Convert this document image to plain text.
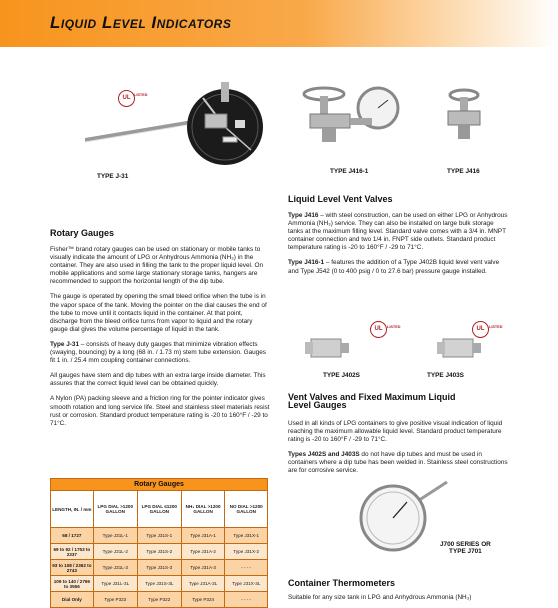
Liquid Level Indicators
UL LISTED
TYPE J-31
TYPE J416-1	TYPE J416
Liquid Level Vent Valves

Type J416 – with steel construction, can be used on either LPG or Anhydrous Ammonia (NH₃) service. They can also be installed on large bulk storage tanks at the maximum filling level. Standard valve comes with a 3/4 in. MNPT container connection and two 1/4 in. FNPT side outlets. Standard product temperature rating is -20 to 160°F / -29 to 71°C.

Type J416-1 – features the addition of a Type J402B liquid level vent valve and Type J542 (0 to 400 psig / 0 to 27.6 bar) pressure gauge installed.

UL	LISTED	UL	LISTED
TYPE J402S	TYPE J403S
Vent Valves and Fixed Maximum Liquid
Level Gauges

Used in all kinds of LPG containers to give positive visual indication of liquid reaching the maximum allowable liquid level. Standard product temperature rating is -20 to 160°F / -29 to 71°C.

Types J402S and J403S do not have dip tubes and must be used in containers where a dip tube has been welded in. Stainless steel constructions are for corrosive service.

J700 SERIES OR
TYPE J701
Container Thermometers
Suitable for any size tank in LPG and Anhydrous Ammonia (NH₃)
Rotary Gauges

Fisher™ brand rotary gauges can be used on stationary or mobile tanks to visually indicate the amount of LPG or Anhydrous Ammonia (NH₃) in the container. They are also used in filling the tank to the proper liquid level. On mobile applications and some large stationary storage tanks, hangers are recommended to support the horizontal length of the dip tube.

The gauge is operated by opening the small bleed orifice when the tube is in the vapor space of the tank. Moving the pointer on the dial causes the end of the tube to move until it contacts liquid in the container. At that point, discharge from the bleed orifice turns from vapor to liquid and the rotary gauge dial gives the volume percentage of liquid in the tank.

Type J-31 – consists of heavy duty gauges that minimize vibration effects (swaying, bouncing) by a long (68 in. / 1.73 m) stem tube extension. Gauges fit 1 in. / 25.4 mm coupling container connections.

All gauges have stem and dip tubes with an extra large inside diameter. This assures that the correct liquid level can be obtained quickly.

A Nylon (PA) packing sleeve and a friction ring for the pointer indicator gives smooth rotation and long service life. Steel and stainless steel materials resist rust or corrosion. Standard product temperature rating is -20 to 160°F / -29 to 71°C.

Rotary Gauges				
LENGTH, IN. / mm	LPG DIAL >1200 GALLON	LPG DIAL ≤1200 GALLON	NH₃ DIAL >1200 GALLON	NO DIAL >1200 GALLON
68 / 1727	Type J31L-1	Type J31S-1	Type J31A-1	Type J31X-1
69 to 92 / 1753 to 2337	Type J31L-2	Type J31S-2	Type J31A-2	Type J31X-2
93 to 108 / 2362 to 2743	Type J31L-3	Type J31S-3	Type J31A-3	- - - -
109 to 140 / 2769 to 3556	Type J31L-3L	Type J31S-3L	Type J31A-3L	Type J31X-3L
Dial Only	Type P323	Type P322	Type P324	- - - -
